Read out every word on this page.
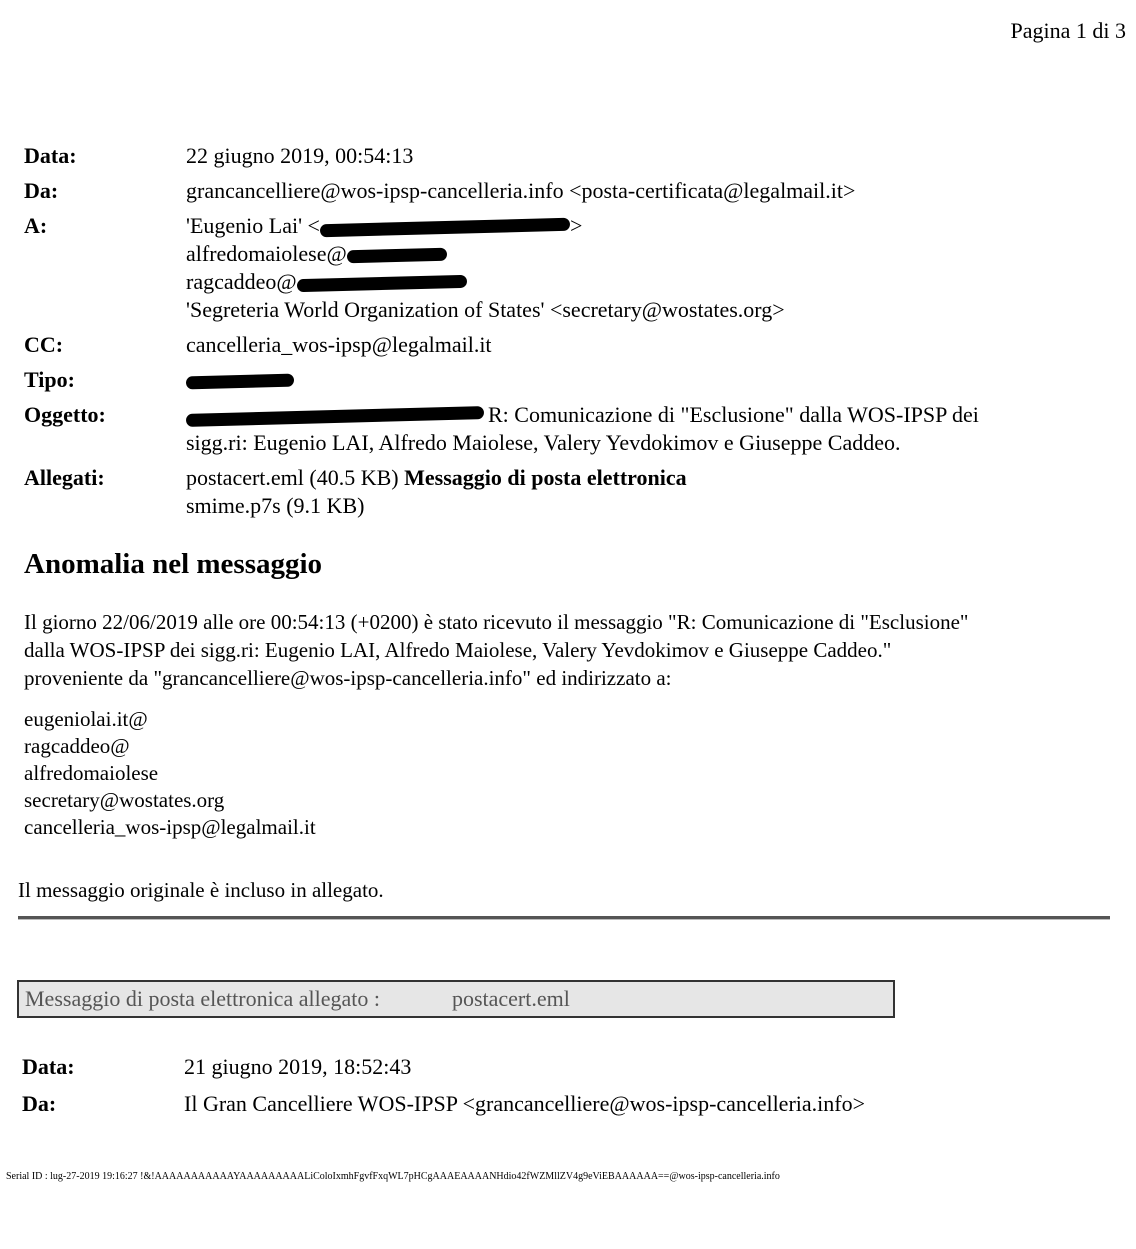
Pagina 1 di 3
Data:	22 giugno 2019, 00:54:13
Da:	grancancelliere@wos-ipsp-cancelleria.info <posta-certificata@legalmail.it>
A:	'Eugenio Lai' <	>
alfredomaiolese@
ragcaddeo@
'Segreteria World Organization of States' <secretary@wostates.org>
CC:	cancelleria_wos-ipsp@legalmail.it
Tipo:
Oggetto:	R: Comunicazione di "Esclusione" dalla WOS-IPSP dei
sigg.ri: Eugenio LAI, Alfredo Maiolese, Valery Yevdokimov e Giuseppe Caddeo.
Allegati:	postacert.eml (40.5 KB) Messaggio di posta elettronica
smime.p7s (9.1 KB)
Anomalia nel messaggio
Il giorno 22/06/2019 alle ore 00:54:13 (+0200) è stato ricevuto il messaggio "R: Comunicazione di "Esclusione"
dalla WOS-IPSP dei sigg.ri: Eugenio LAI, Alfredo Maiolese, Valery Yevdokimov e Giuseppe Caddeo."
proveniente da "grancancelliere@wos-ipsp-cancelleria.info" ed indirizzato a:
eugeniolai.it@
ragcaddeo@
alfredomaiolese
secretary@wostates.org
cancelleria_wos-ipsp@legalmail.it
Il messaggio originale è incluso in allegato.
Messaggio di posta elettronica allegato :	postacert.eml
Data:	21 giugno 2019, 18:52:43
Da:	Il Gran Cancelliere WOS-IPSP <grancancelliere@wos-ipsp-cancelleria.info>
Serial ID : lug-27-2019 19:16:27 !&!AAAAAAAAAAAYAAAAAAAAALiColoIxmhFgvfFxqWL7pHCgAAAEAAAANHdio42fWZMllZV4g9eViEBAAAAAA==@wos-ipsp-cancelleria.info
